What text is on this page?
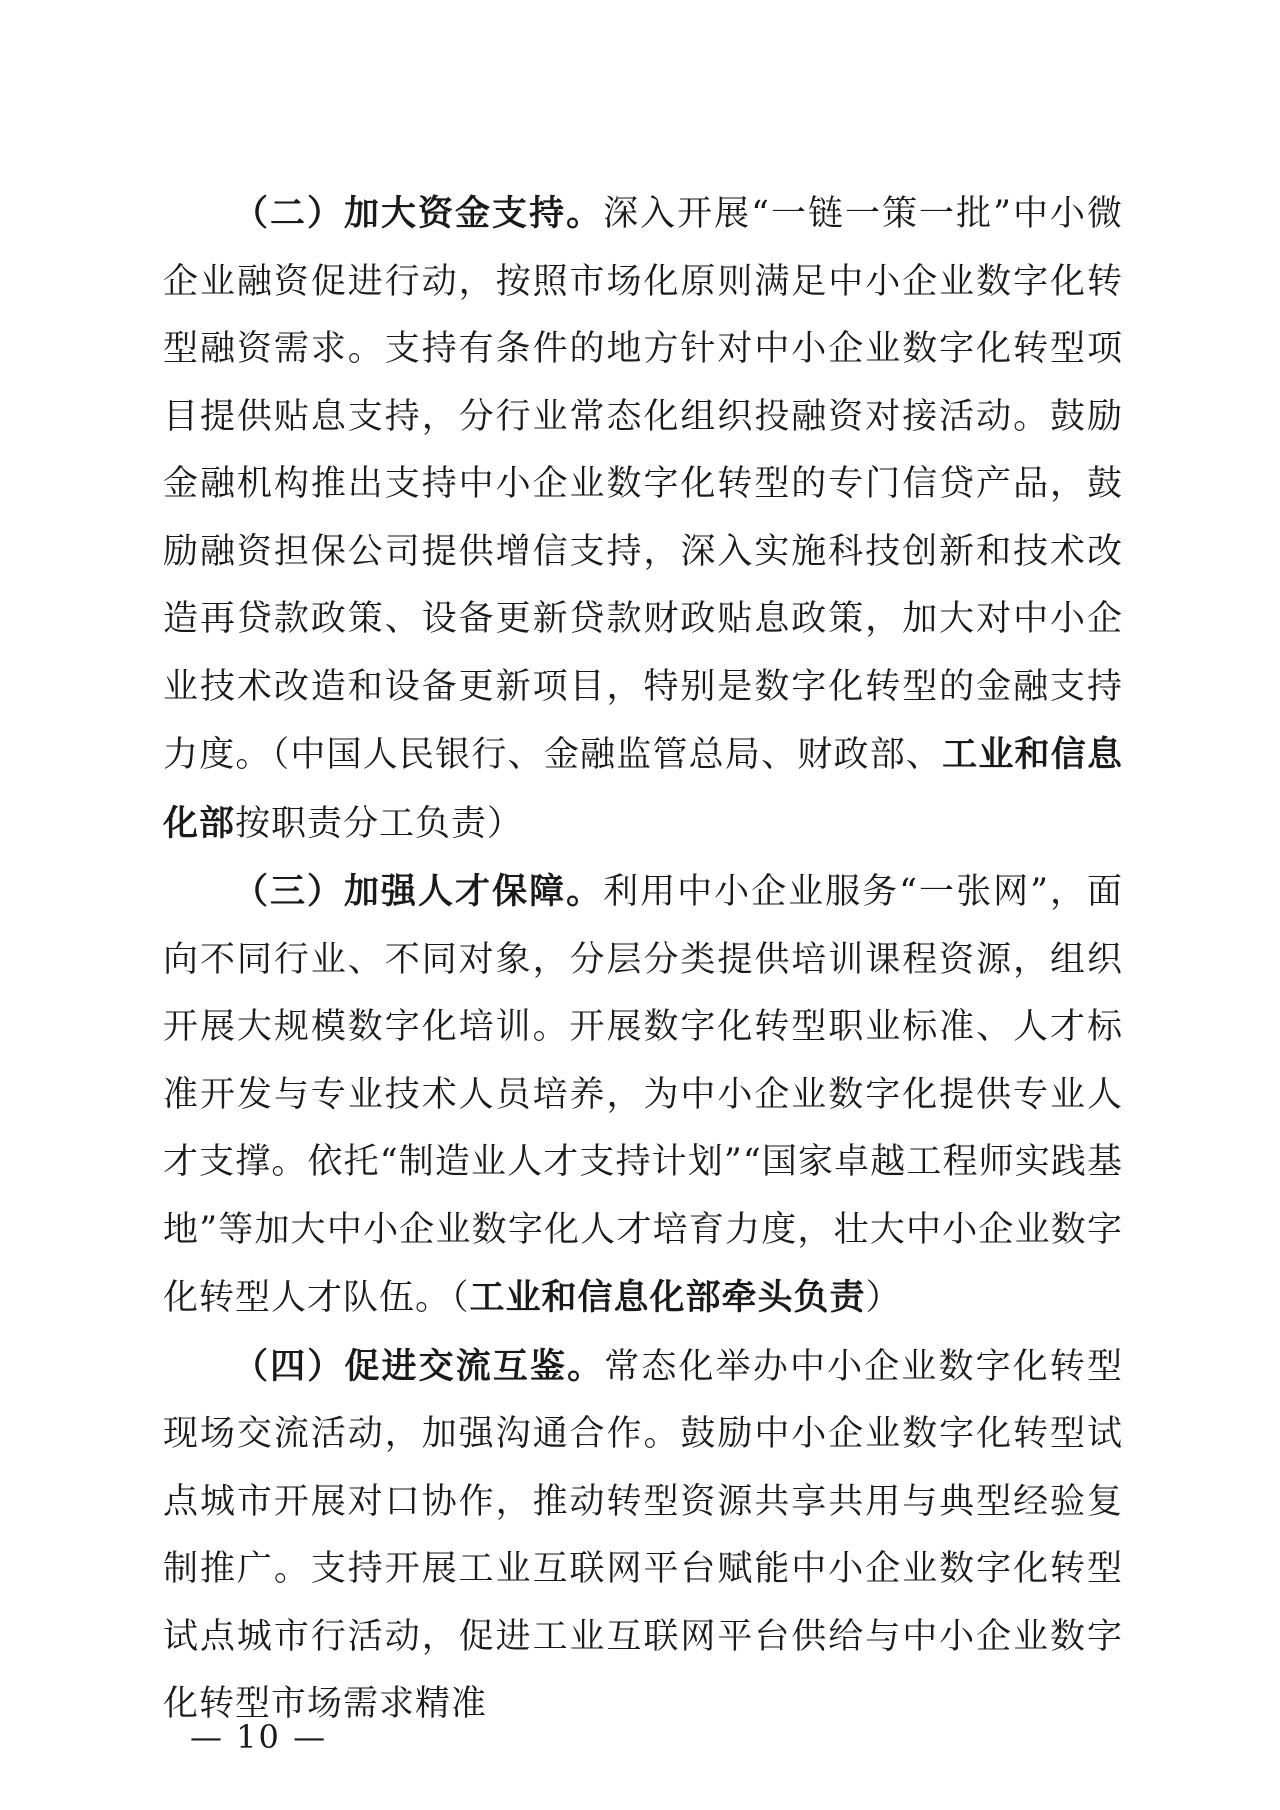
（二）加大资金支持。深入开展“一链一策一批”中小微企业融资促进行动，按照市场化原则满足中小企业数字化转型融资需求。支持有条件的地方针对中小企业数字化转型项目提供贴息支持，分行业常态化组织投融资对接活动。鼓励金融机构推出支持中小企业数字化转型的专门信贷产品，鼓励融资担保公司提供增信支持，深入实施科技创新和技术改造再贷款政策、设备更新贷款财政贴息政策，加大对中小企业技术改造和设备更新项目，特别是数字化转型的金融支持力度。（中国人民银行、金融监管总局、财政部、工业和信息化部按职责分工负责）

（三）加强人才保障。利用中小企业服务“一张网”，面向不同行业、不同对象，分层分类提供培训课程资源，组织开展大规模数字化培训。开展数字化转型职业标准、人才标准开发与专业技术人员培养，为中小企业数字化提供专业人才支撑。依托“制造业人才支持计划”“国家卓越工程师实践基地”等加大中小企业数字化人才培育力度，壮大中小企业数字化转型人才队伍。（工业和信息化部牵头负责）

（四）促进交流互鉴。常态化举办中小企业数字化转型现场交流活动，加强沟通合作。鼓励中小企业数字化转型试点城市开展对口协作，推动转型资源共享共用与典型经验复制推广。支持开展工业互联网平台赋能中小企业数字化转型试点城市行活动，促进工业互联网平台供给与中小企业数字化转型市场需求精准

— 10 —
